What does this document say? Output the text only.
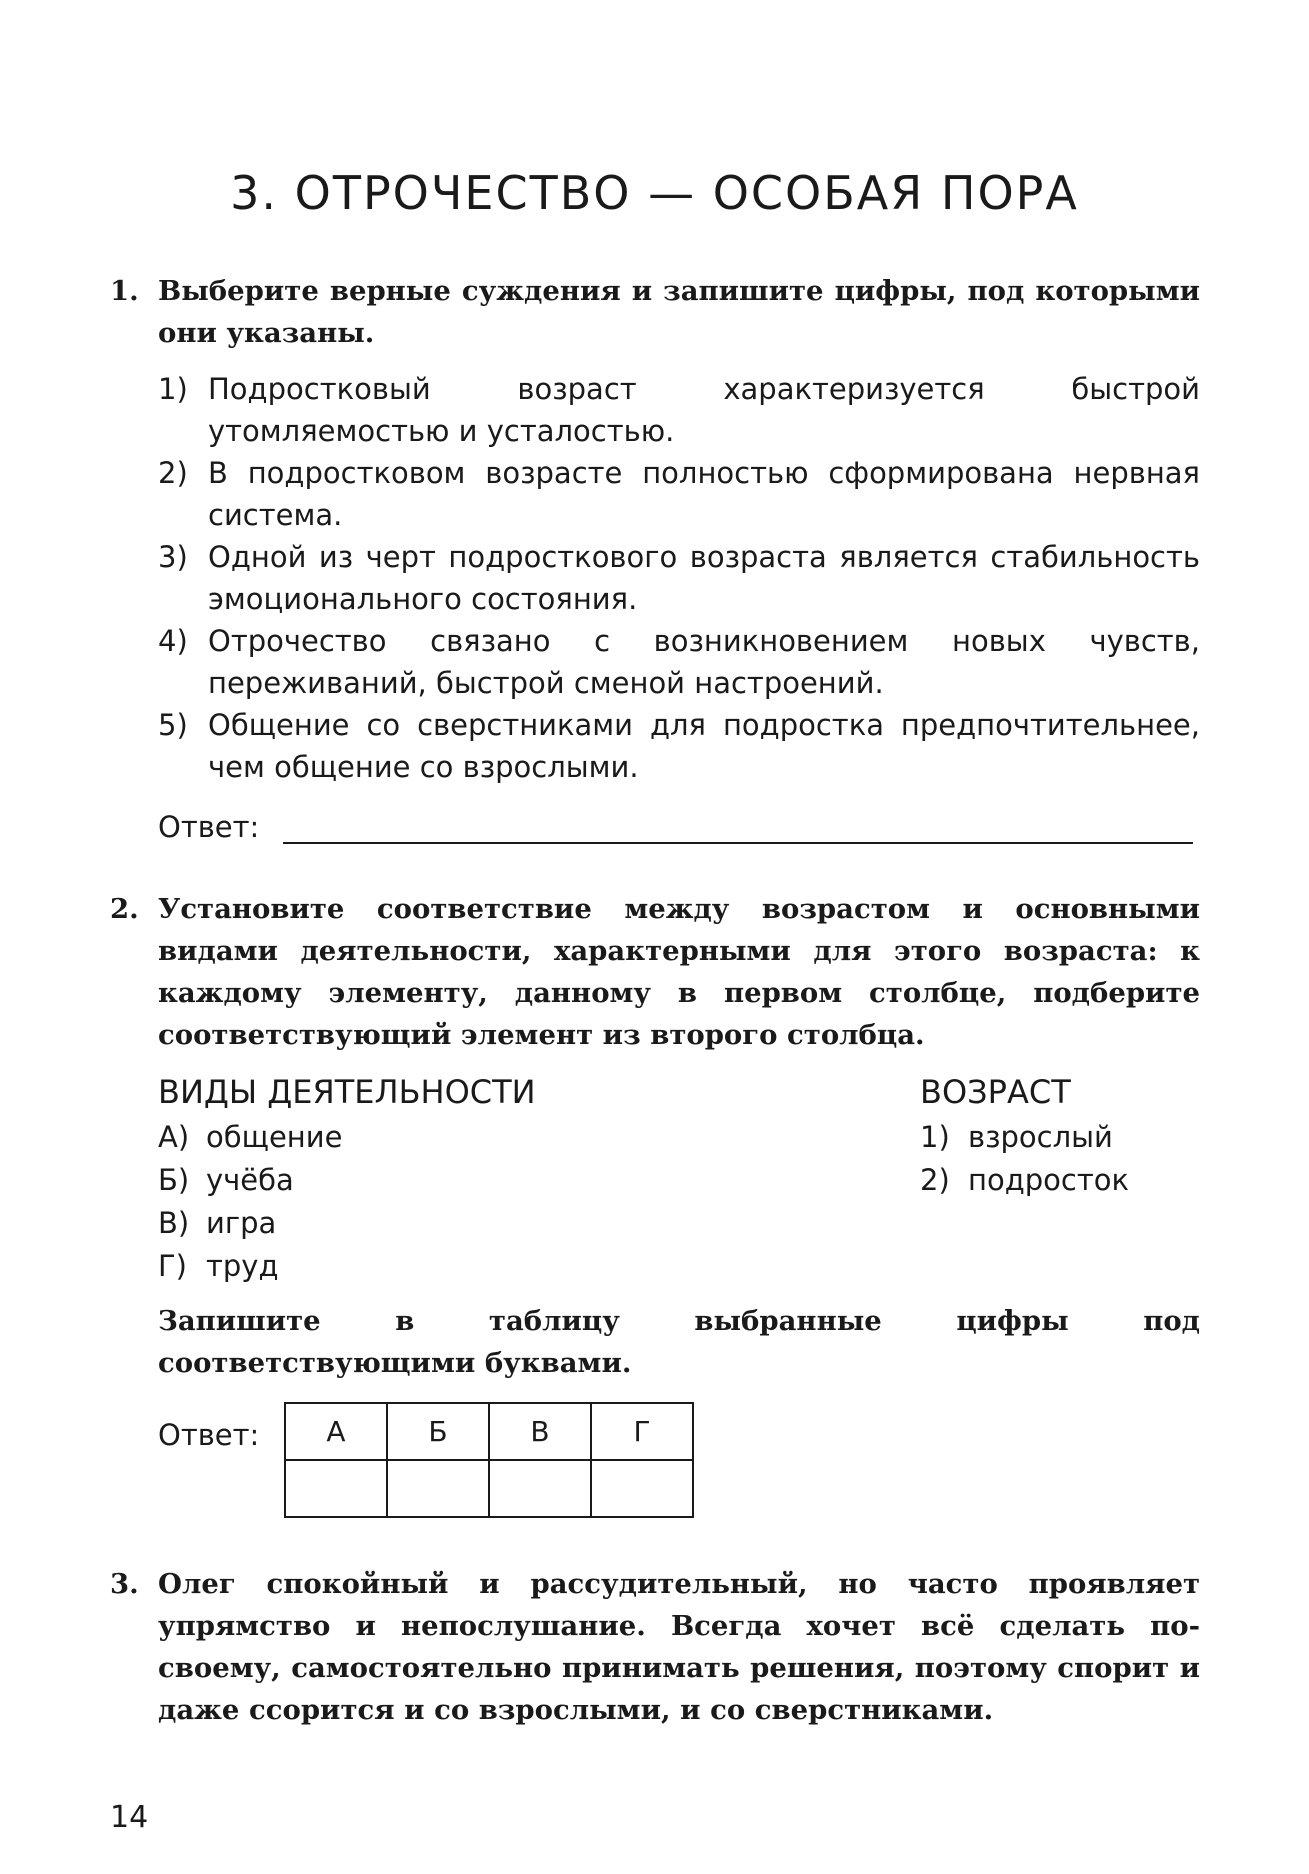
3. ОТРОЧЕСТВО — ОСОБАЯ ПОРА
1. Выберите верные суждения и запишите цифры, под которыми они указаны.
1) Подростковый возраст характеризуется быстрой утомляемостью и усталостью.
2) В подростковом возрасте полностью сформирована нервная система.
3) Одной из черт подросткового возраста является стабильность эмоционального состояния.
4) Отрочество связано с возникновением новых чувств, переживаний, быстрой сменой настроений.
5) Общение со сверстниками для подростка предпочтительнее, чем общение со взрослыми.
Ответ:
2. Установите соответствие между возрастом и основными видами деятельности, характерными для этого возраста: к каждому элементу, данному в первом столбце, подберите соответствующий элемент из второго столбца.
ВИДЫ ДЕЯТЕЛЬНОСТИ
А) общение
Б) учёба
В) игра
Г) труд
ВОЗРАСТ
1) взрослый
2) подросток
Запишите в таблицу выбранные цифры под соответствующими буквами.
Ответ: А	Б	В	Г

3. Олег спокойный и рассудительный, но часто проявляет упрямство и непослушание. Всегда хочет всё сделать по-своему, самостоятельно принимать решения, поэтому спорит и даже ссорится и со взрослыми, и со сверстниками.
14
